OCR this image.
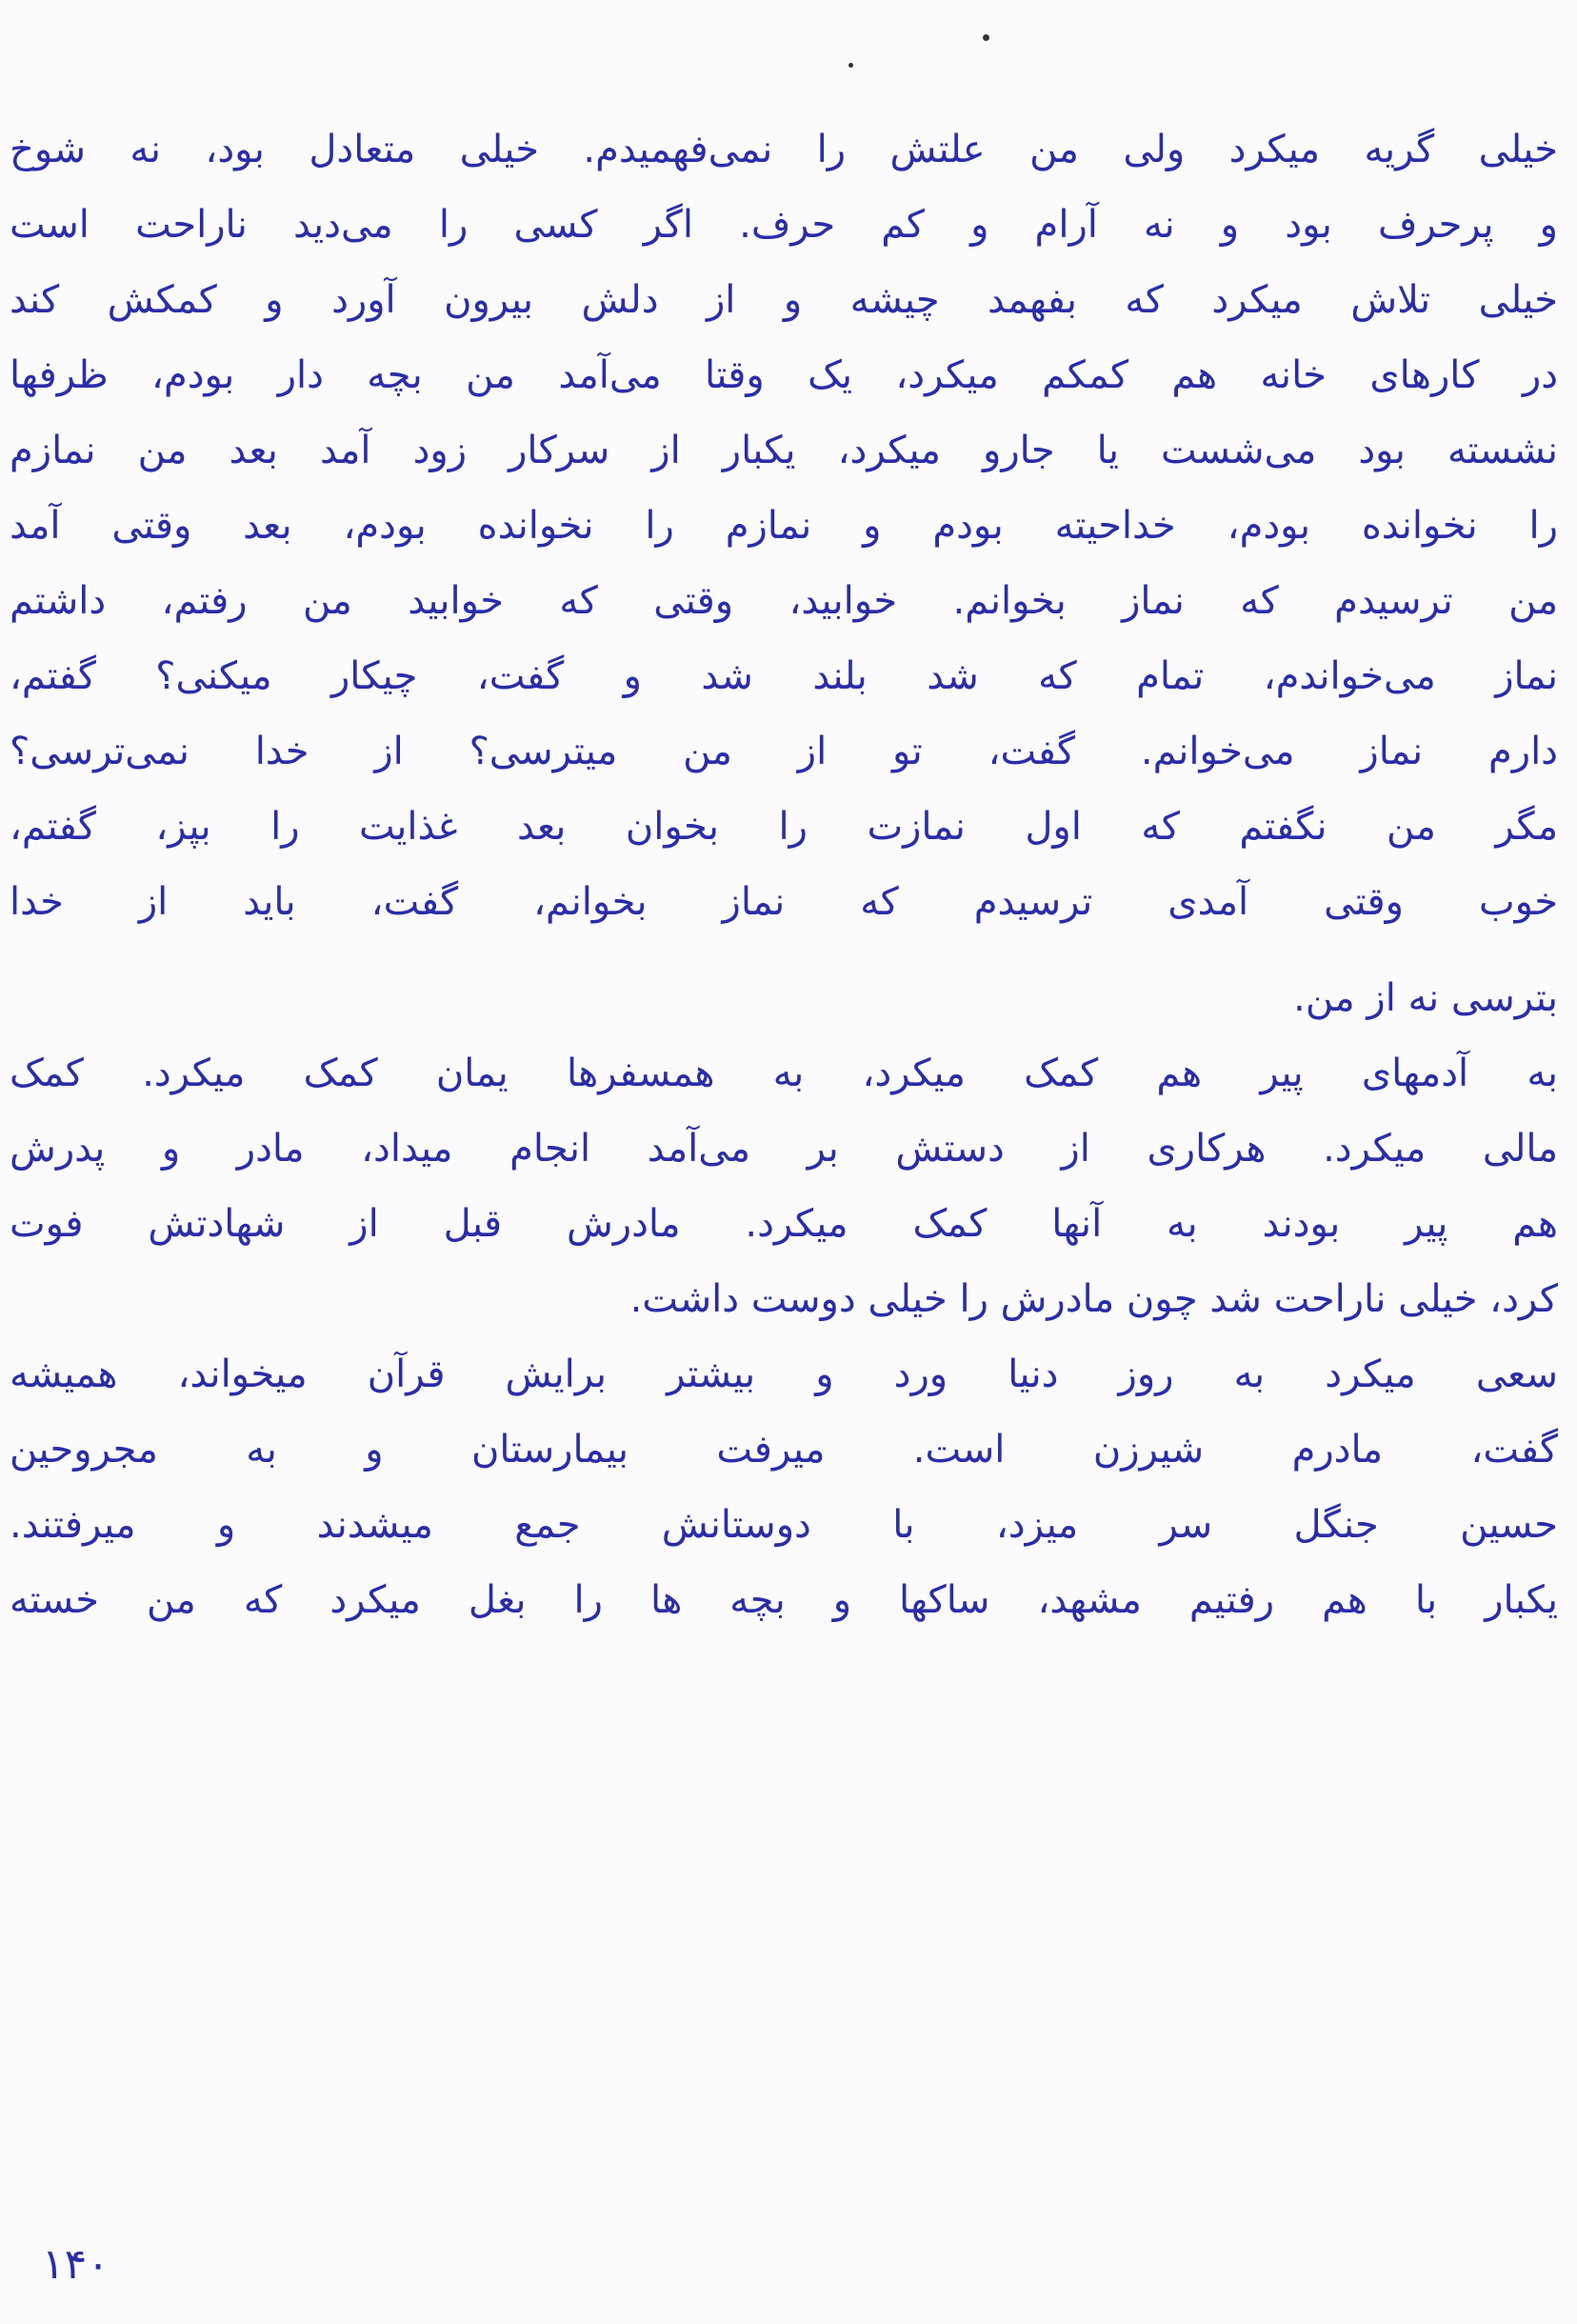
خیلی گریه میکرد ولی من علتش را نمی‌فهمیدم. خیلی متعادل بود، نه شوخ
و پرحرف بود و نه آرام و کم حرف. اگر کسی را می‌دید ناراحت است
خیلی تلاش میکرد که بفهمد چیشه و از دلش بیرون آورد و کمکش کند
در کارهای خانه هم کمکم میکرد، یک وقتا می‌آمد من بچه دار بودم، ظرفها
نشسته بود می‌شست یا جارو میکرد، یکبار از سرکار زود آمد بعد من نمازم
را نخوانده بودم، خداحیته بودم و نمازم را نخوانده بودم، بعد وقتی آمد
من ترسیدم که نماز بخوانم. خوابید، وقتی که خوابید من رفتم، داشتم
نماز می‌خواندم، تمام که شد بلند شد و گفت، چیکار میکنی؟ گفتم،
دارم نماز می‌خوانم. گفت، تو از من میترسی؟ از خدا نمی‌ترسی؟
مگر من نگفتم که اول نمازت را بخوان بعد غذایت را بپز، گفتم،
خوب وقتی آمدی ترسیدم که نماز بخوانم، گفت، باید از خدا
بترسی نه از من.
به آدمهای پیر هم کمک میکرد، به همسفرها یمان کمک میکرد. کمک
مالی میکرد. هرکاری از دستش بر می‌آمد انجام میداد، مادر و پدرش
هم پیر بودند به آنها کمک میکرد. مادرش قبل از شهادتش فوت
کرد، خیلی ناراحت شد چون مادرش را خیلی دوست داشت.
سعی میکرد به روز دنیا ورد و بیشتر برایش قرآن میخواند، همیشه
گفت، مادرم شیرزن است. میرفت بیمارستان و به مجروحین
حسین جنگل سر میزد، با دوستانش جمع میشدند و میرفتند.
یکبار با هم رفتیم مشهد، ساکها و بچه ها را بغل میکرد که من خسته
۱۴۰
